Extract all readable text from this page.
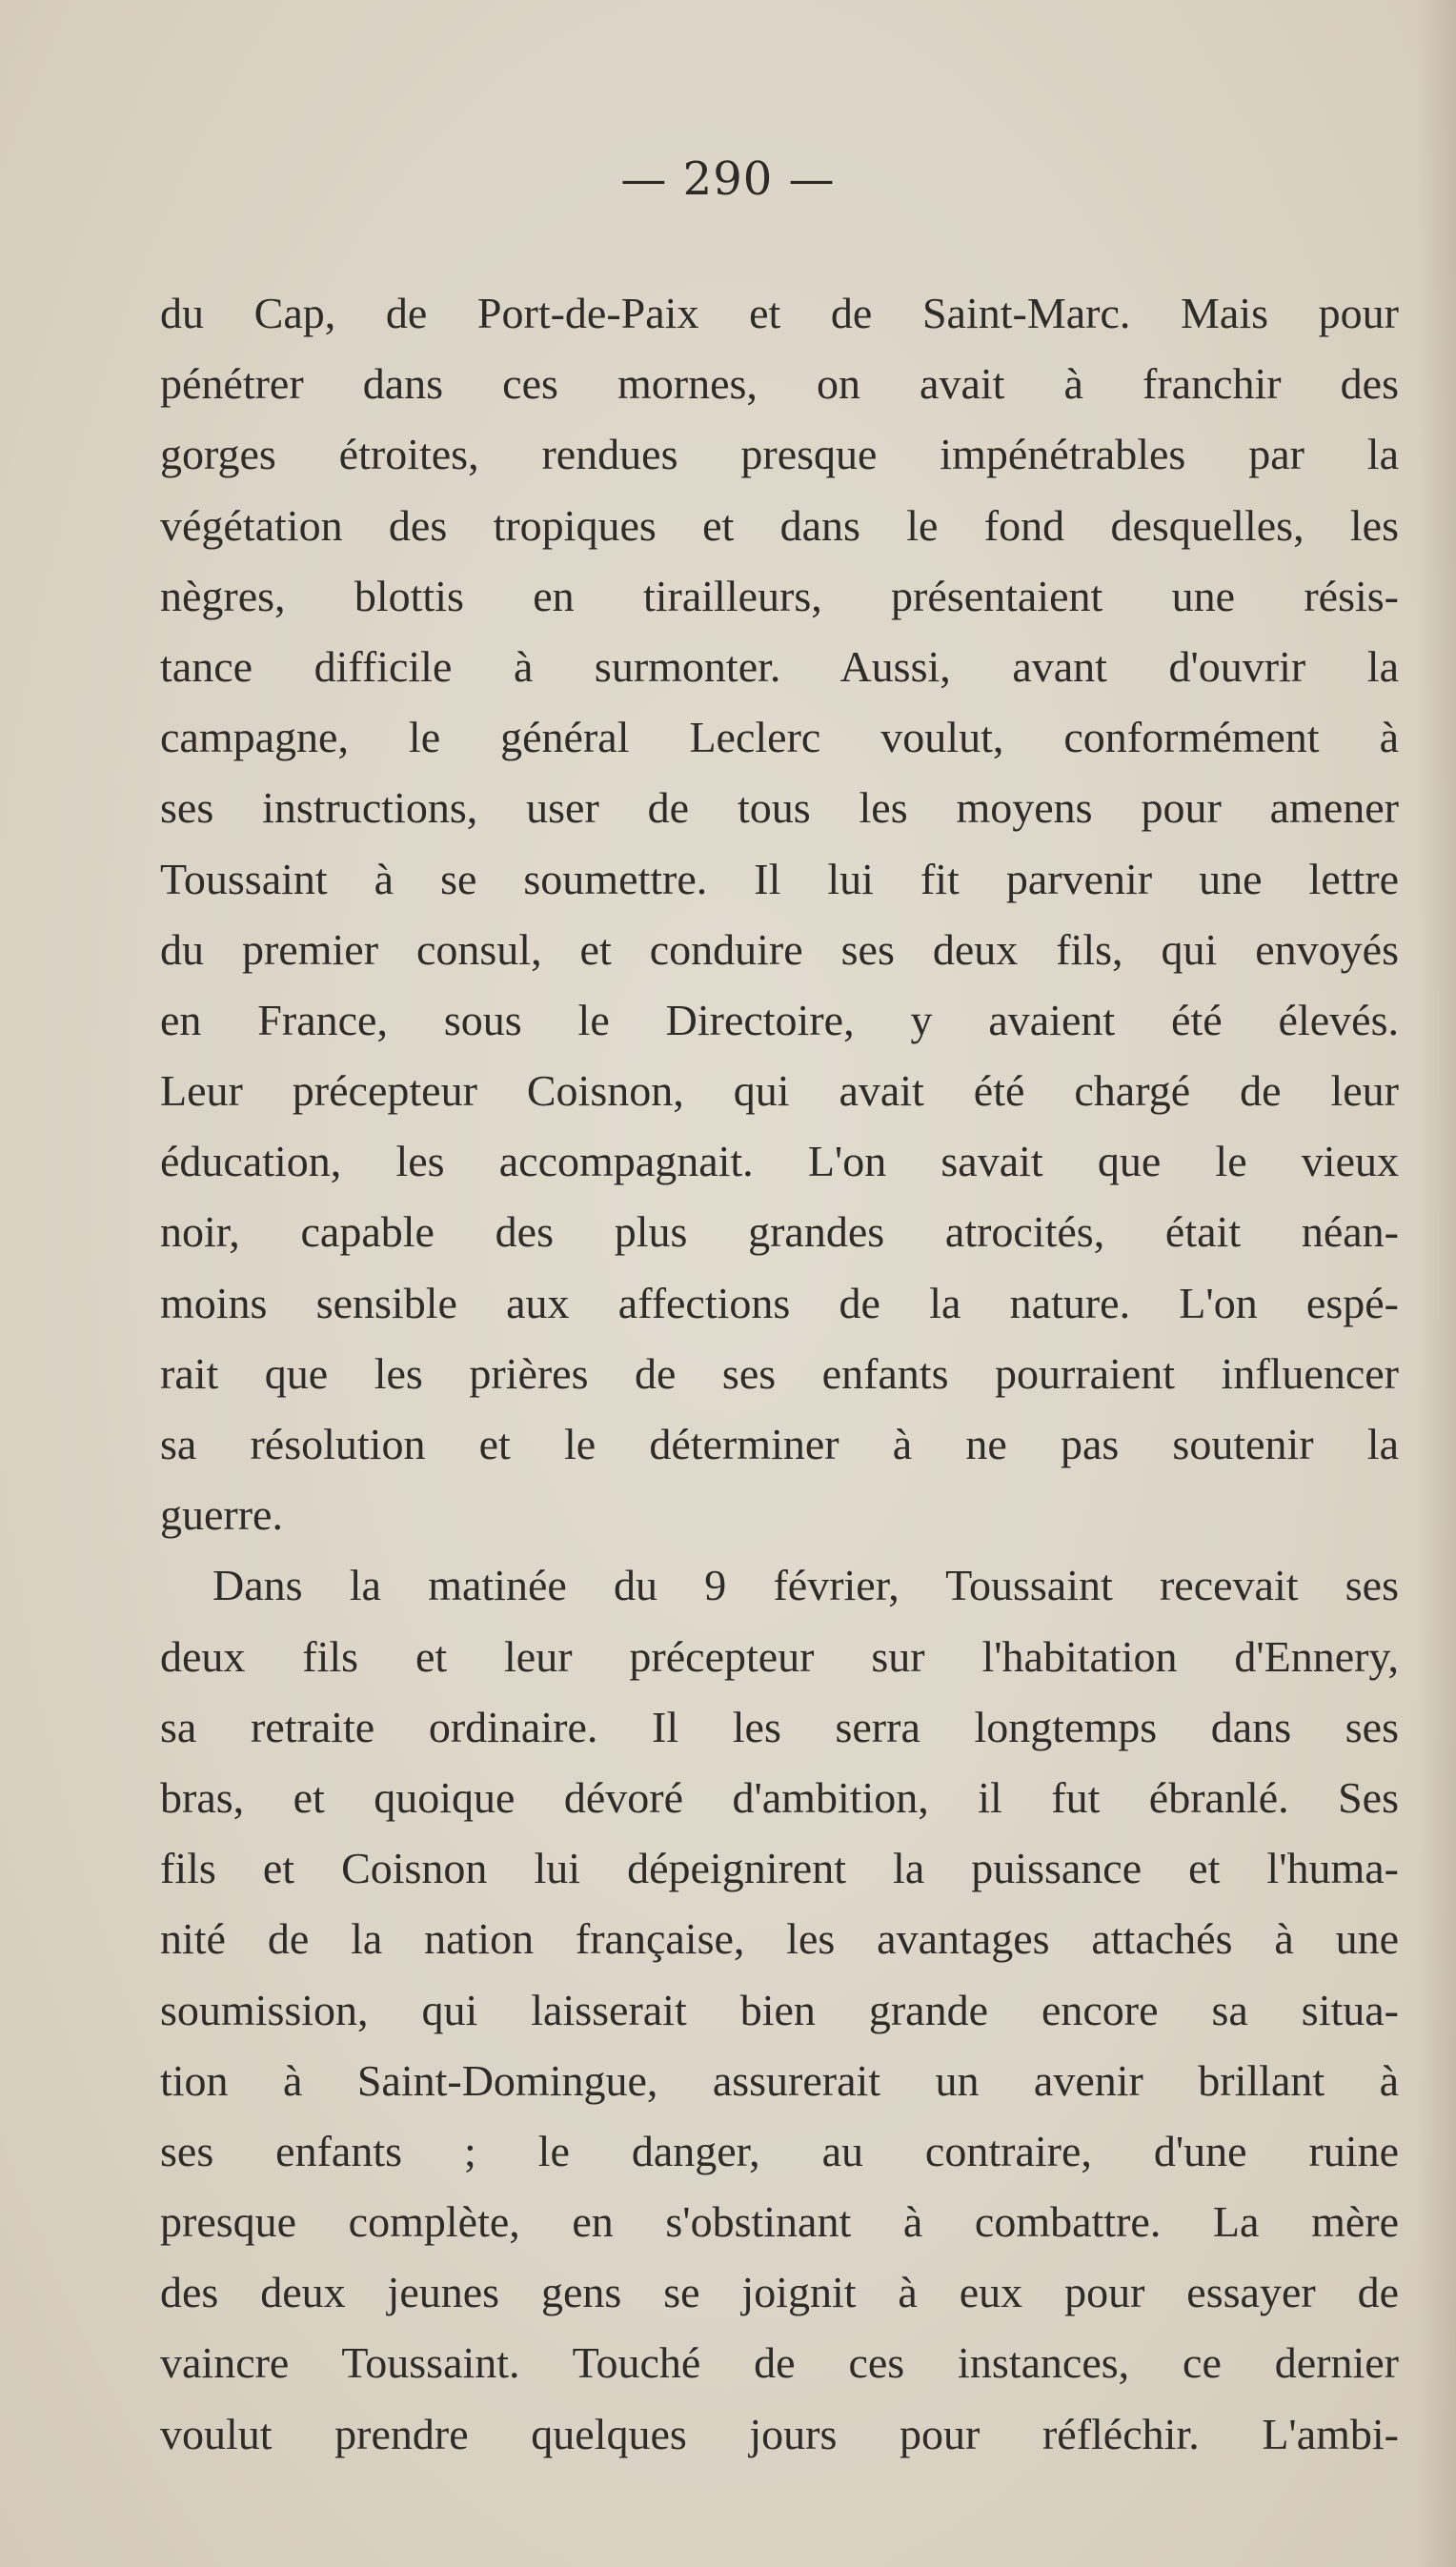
— 290 —
du Cap, de Port-de-Paix et de Saint-Marc. Mais pour
pénétrer dans ces mornes, on avait à franchir des
gorges étroites, rendues presque impénétrables par la
végétation des tropiques et dans le fond desquelles, les
nègres, blottis en tirailleurs, présentaient une résis-
tance difficile à surmonter. Aussi, avant d'ouvrir la
campagne, le général Leclerc voulut, conformément à
ses instructions, user de tous les moyens pour amener
Toussaint à se soumettre. Il lui fit parvenir une lettre
du premier consul, et conduire ses deux fils, qui envoyés
en France, sous le Directoire, y avaient été élevés.
Leur précepteur Coisnon, qui avait été chargé de leur
éducation, les accompagnait. L'on savait que le vieux
noir, capable des plus grandes atrocités, était néan-
moins sensible aux affections de la nature. L'on espé-
rait que les prières de ses enfants pourraient influencer
sa résolution et le déterminer à ne pas soutenir la
guerre.
Dans la matinée du 9 février, Toussaint recevait ses
deux fils et leur précepteur sur l'habitation d'Ennery,
sa retraite ordinaire. Il les serra longtemps dans ses
bras, et quoique dévoré d'ambition, il fut ébranlé. Ses
fils et Coisnon lui dépeignirent la puissance et l'huma-
nité de la nation française, les avantages attachés à une
soumission, qui laisserait bien grande encore sa situa-
tion à Saint-Domingue, assurerait un avenir brillant à
ses enfants ; le danger, au contraire, d'une ruine
presque complète, en s'obstinant à combattre. La mère
des deux jeunes gens se joignit à eux pour essayer de
vaincre Toussaint. Touché de ces instances, ce dernier
voulut prendre quelques jours pour réfléchir. L'ambi-
